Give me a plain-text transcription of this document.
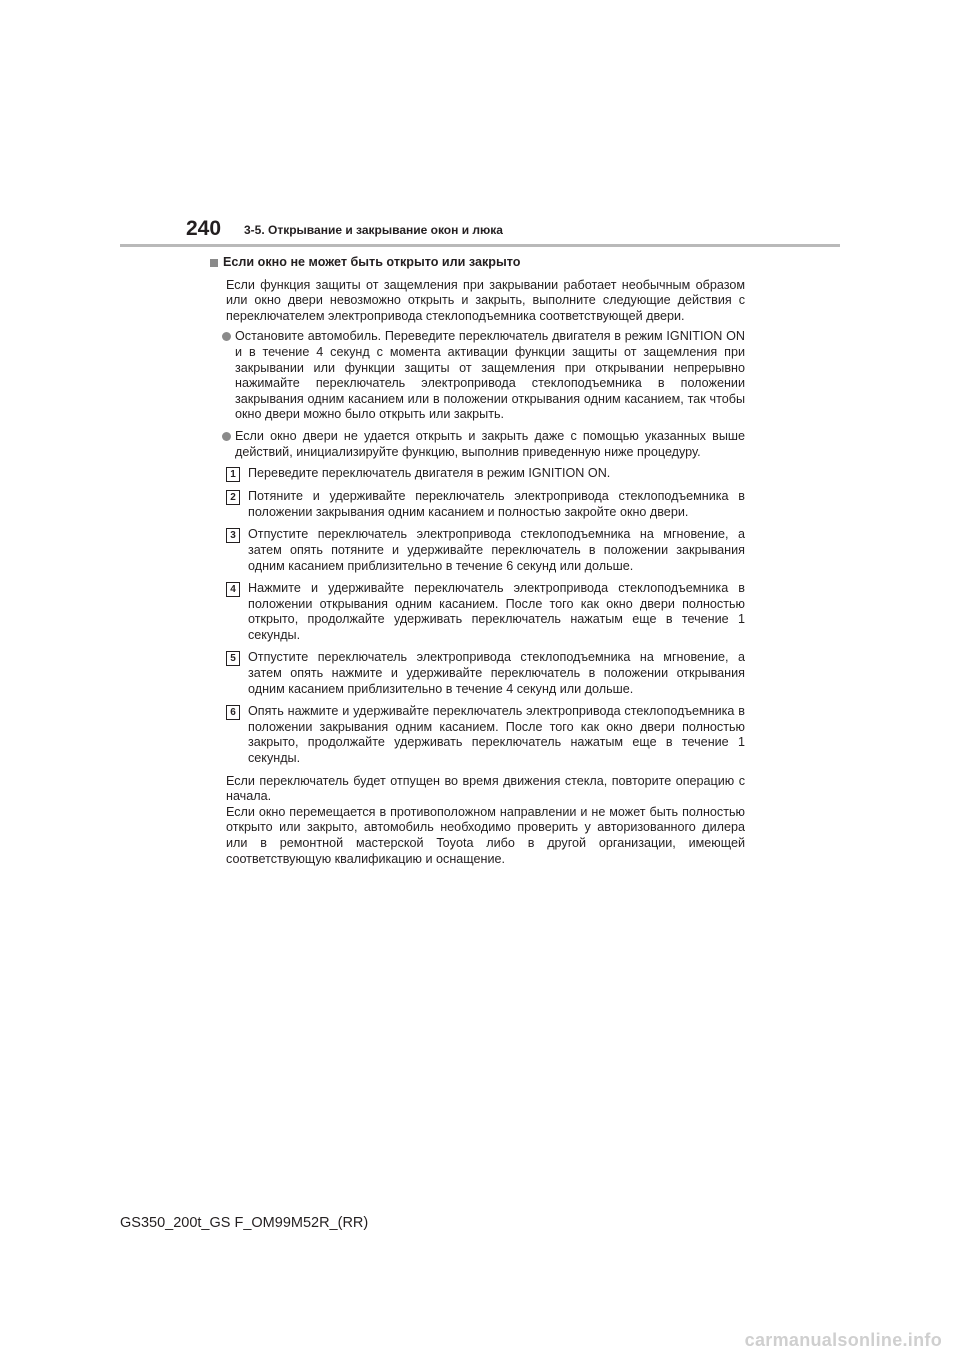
240 3-5. Открывание и закрывание окон и люка
Если окно не может быть открыто или закрыто

Если функция защиты от защемления при закрывании работает необычным образом или окно двери невозможно открыть и закрыть, выполните следующие действия с переключателем электропривода стеклоподъемника соответствующей двери.

Остановите автомобиль. Переведите переключатель двигателя в режим IGNITION ON и в течение 4 секунд с момента активации функции защиты от защемления при закрывании или функции защиты от защемления при открывании непрерывно нажимайте переключатель электропривода стеклоподъемника в положении закрывания одним касанием или в положении открывания одним касанием, так чтобы окно двери можно было открыть или закрыть.
Если окно двери не удается открыть и закрыть даже с помощью указанных выше действий, инициализируйте функцию, выполнив приведенную ниже процедуру.
1 Переведите переключатель двигателя в режим IGNITION ON.
2 Потяните и удерживайте переключатель электропривода стеклоподъемника в положении закрывания одним касанием и полностью закройте окно двери.
3 Отпустите переключатель электропривода стеклоподъемника на мгновение, а затем опять потяните и удерживайте переключатель в положении закрывания одним касанием приблизительно в течение 6 секунд или дольше.
4 Нажмите и удерживайте переключатель электропривода стеклоподъемника в положении открывания одним касанием. После того как окно двери полностью открыто, продолжайте удерживать переключатель нажатым еще в течение 1 секунды.
5 Отпустите переключатель электропривода стеклоподъемника на мгновение, а затем опять нажмите и удерживайте переключатель в положении открывания одним касанием приблизительно в течение 4 секунд или дольше.
6 Опять нажмите и удерживайте переключатель электропривода стеклоподъемника в положении закрывания одним касанием. После того как окно двери полностью закрыто, продолжайте удерживать переключатель нажатым еще в течение 1 секунды.

Если переключатель будет отпущен во время движения стекла, повторите операцию с начала.

Если окно перемещается в противоположном направлении и не может быть полностью открыто или закрыто, автомобиль необходимо проверить у авторизованного дилера или в ремонтной мастерской Toyota либо в другой организации, имеющей соответствующую квалификацию и оснащение.

GS350_200t_GS F_OM99M52R_(RR)
carmanualsonline.info
